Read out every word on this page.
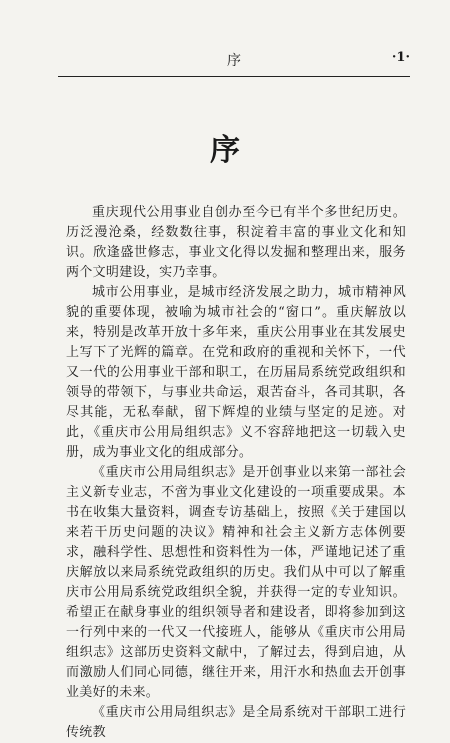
序	·1·
序

重庆现代公用事业自创办至今已有半个多世纪历史。历泛漫沧桑，经数数往事，积淀着丰富的事业文化和知识。欣逢盛世修志，事业文化得以发掘和整理出来，服务两个文明建设，实乃幸事。

城市公用事业，是城市经济发展之助力，城市精神风貌的重要体现，被喻为城市社会的“窗口”。重庆解放以来，特别是改革开放十多年来，重庆公用事业在其发展史上写下了光辉的篇章。在党和政府的重视和关怀下，一代又一代的公用事业干部和职工，在历届局系统党政组织和领导的带领下，与事业共命运，艰苦奋斗，各司其职，各尽其能，无私奉献，留下辉煌的业绩与坚定的足迹。对此，《重庆市公用局组织志》义不容辞地把这一切载入史册，成为事业文化的组成部分。

《重庆市公用局组织志》是开创事业以来第一部社会主义新专业志，不啻为事业文化建设的一项重要成果。本书在收集大量资料，调查专访基础上，按照《关于建国以来若干历史问题的决议》精神和社会主义新方志体例要求，融科学性、思想性和资料性为一体，严谨地记述了重庆解放以来局系统党政组织的历史。我们从中可以了解重庆市公用局系统党政组织全貌，并获得一定的专业知识。希望正在献身事业的组织领导者和建设者，即将参加到这一行列中来的一代又一代接班人，能够从《重庆市公用局组织志》这部历史资料文献中，了解过去，得到启迪，从而激励人们同心同德，继往开来，用汗水和热血去开创事业美好的未来。

《重庆市公用局组织志》是全局系统对干部职工进行传统教
